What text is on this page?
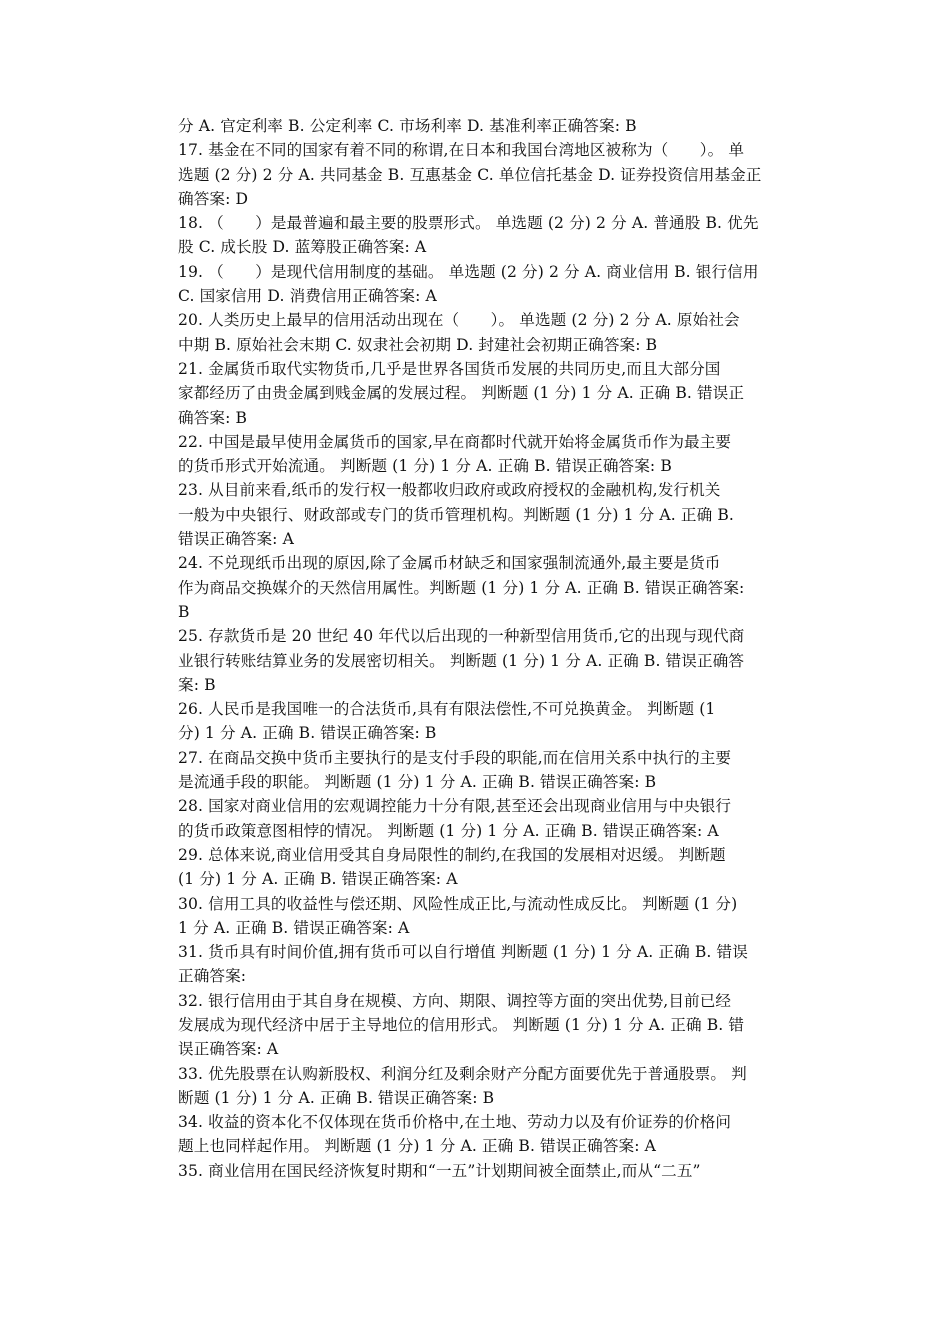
分 A. 官定利率 B. 公定利率 C. 市场利率 D. 基准利率正确答案: B
17. 基金在不同的国家有着不同的称谓,在日本和我国台湾地区被称为（　　）。 单
选题 (2 分) 2 分 A. 共同基金 B. 互惠基金 C. 单位信托基金 D. 证券投资信用基金正
确答案: D
18. （　　）是最普遍和最主要的股票形式。 单选题 (2 分) 2 分 A. 普通股 B. 优先
股 C. 成长股 D. 蓝筹股正确答案: A
19. （　　）是现代信用制度的基础。 单选题 (2 分) 2 分 A. 商业信用 B. 银行信用
C. 国家信用 D. 消费信用正确答案: A
20. 人类历史上最早的信用活动出现在（　　）。 单选题 (2 分) 2 分 A. 原始社会
中期 B. 原始社会末期 C. 奴隶社会初期 D. 封建社会初期正确答案: B
21. 金属货币取代实物货币,几乎是世界各国货币发展的共同历史,而且大部分国
家都经历了由贵金属到贱金属的发展过程。 判断题 (1 分) 1 分 A. 正确 B. 错误正
确答案: B
22. 中国是最早使用金属货币的国家,早在商都时代就开始将金属货币作为最主要
的货币形式开始流通。 判断题 (1 分) 1 分 A. 正确 B. 错误正确答案: B
23. 从目前来看,纸币的发行权一般都收归政府或政府授权的金融机构,发行机关
一般为中央银行、财政部或专门的货币管理机构。判断题 (1 分) 1 分 A. 正确 B.
错误正确答案: A
24. 不兑现纸币出现的原因,除了金属币材缺乏和国家强制流通外,最主要是货币
作为商品交换媒介的天然信用属性。判断题 (1 分) 1 分 A. 正确 B. 错误正确答案:
B
25. 存款货币是 20 世纪 40 年代以后出现的一种新型信用货币,它的出现与现代商
业银行转账结算业务的发展密切相关。 判断题 (1 分) 1 分 A. 正确 B. 错误正确答
案: B
26. 人民币是我国唯一的合法货币,具有有限法偿性,不可兑换黄金。 判断题 (1
分) 1 分 A. 正确 B. 错误正确答案: B
27. 在商品交换中货币主要执行的是支付手段的职能,而在信用关系中执行的主要
是流通手段的职能。 判断题 (1 分) 1 分 A. 正确 B. 错误正确答案: B
28. 国家对商业信用的宏观调控能力十分有限,甚至还会出现商业信用与中央银行
的货币政策意图相悖的情况。 判断题 (1 分) 1 分 A. 正确 B. 错误正确答案: A
29. 总体来说,商业信用受其自身局限性的制约,在我国的发展相对迟缓。 判断题
(1 分) 1 分 A. 正确 B. 错误正确答案: A
30. 信用工具的收益性与偿还期、风险性成正比,与流动性成反比。 判断题 (1 分)
1 分 A. 正确 B. 错误正确答案: A
31. 货币具有时间价值,拥有货币可以自行增值 判断题 (1 分) 1 分 A. 正确 B. 错误
正确答案:
32. 银行信用由于其自身在规模、方向、期限、调控等方面的突出优势,目前已经
发展成为现代经济中居于主导地位的信用形式。 判断题 (1 分) 1 分 A. 正确 B. 错
误正确答案: A
33. 优先股票在认购新股权、利润分红及剩余财产分配方面要优先于普通股票。 判
断题 (1 分) 1 分 A. 正确 B. 错误正确答案: B
34. 收益的资本化不仅体现在货币价格中,在土地、劳动力以及有价证券的价格问
题上也同样起作用。 判断题 (1 分) 1 分 A. 正确 B. 错误正确答案: A
35. 商业信用在国民经济恢复时期和“一五”计划期间被全面禁止,而从“二五”
